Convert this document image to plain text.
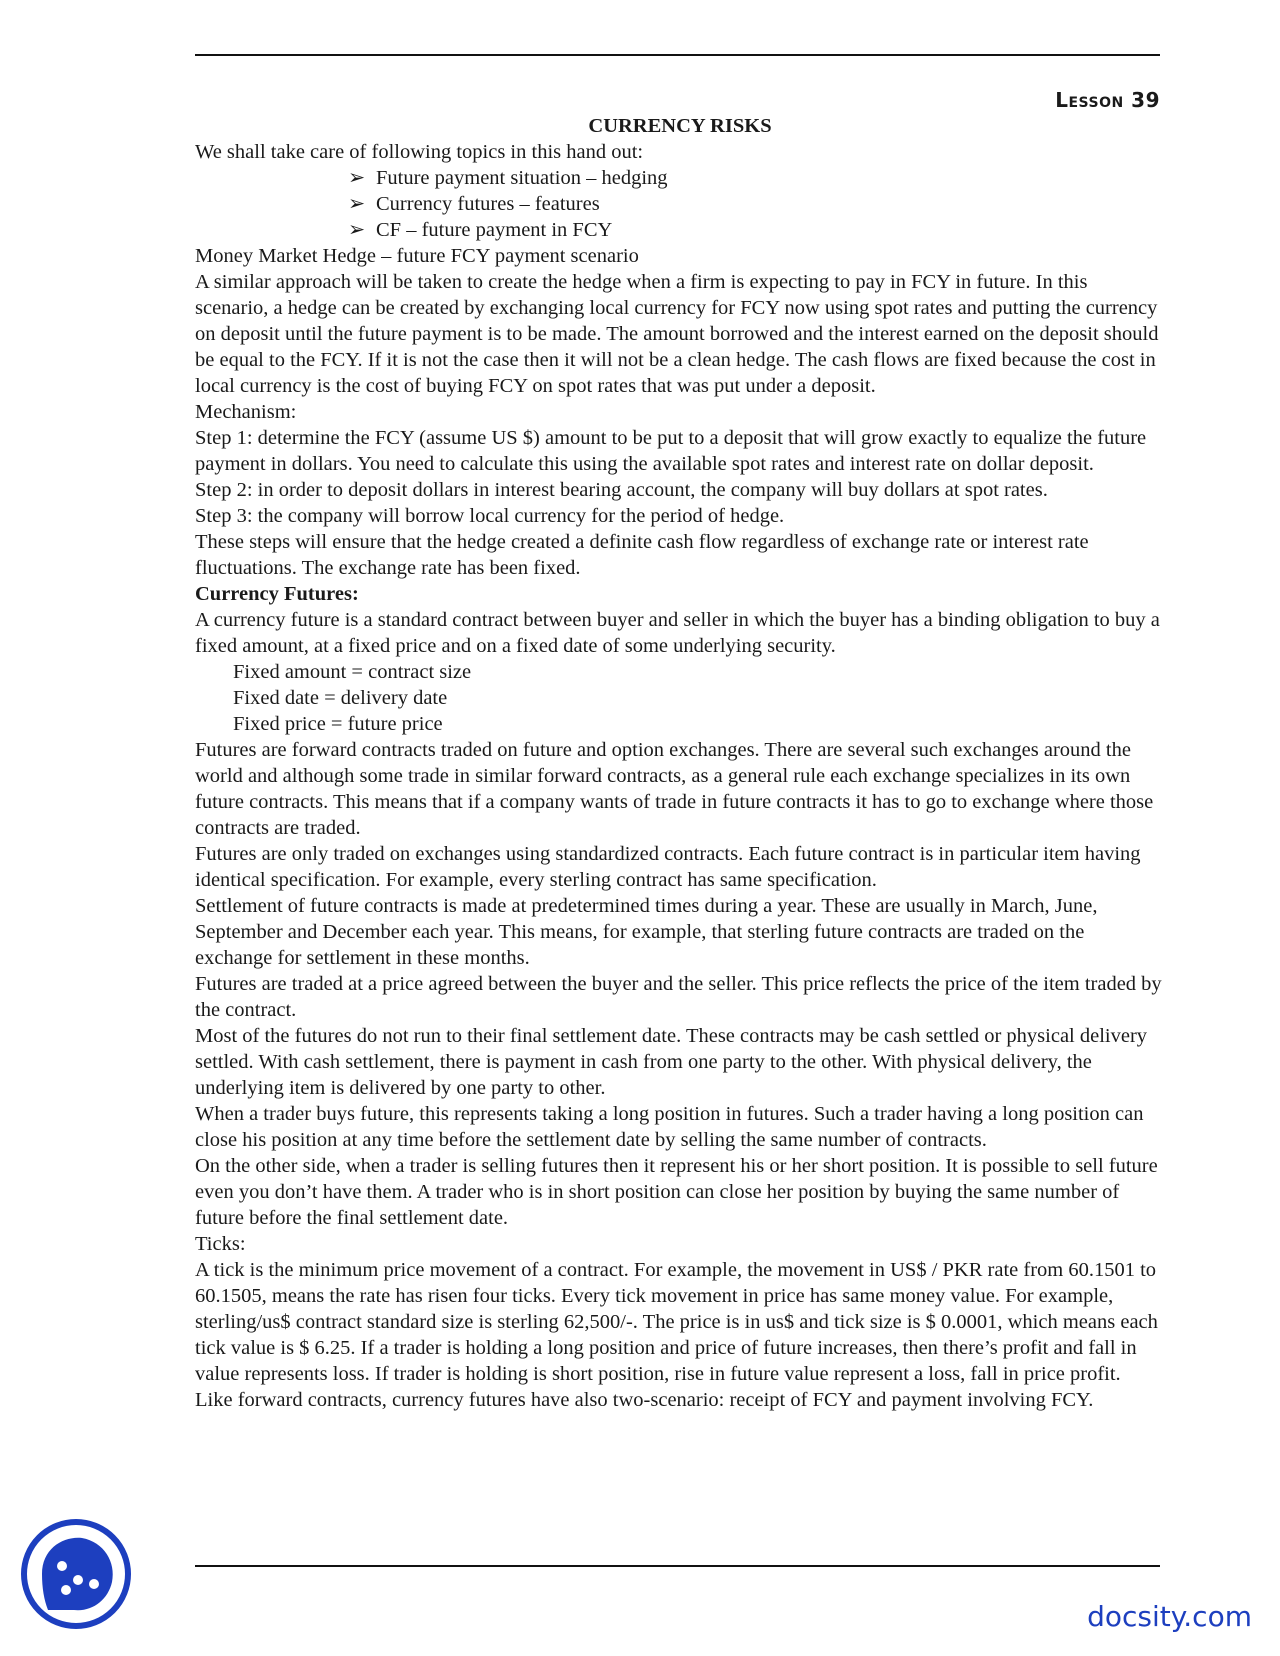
Lesson 39

CURRENCY RISKS

We shall take care of following topics in this hand out:

➢ Future payment situation – hedging
➢ Currency futures – features
➢ CF – future payment in FCY

Money Market Hedge – future FCY payment scenario

A similar approach will be taken to create the hedge when a firm is expecting to pay in FCY in future. In this scenario, a hedge can be created by exchanging local currency for FCY now using spot rates and putting the currency on deposit until the future payment is to be made. The amount borrowed and the interest earned on the deposit should be equal to the FCY. If it is not the case then it will not be a clean hedge. The cash flows are fixed because the cost in local currency is the cost of buying FCY on spot rates that was put under a deposit.

Mechanism:

Step 1: determine the FCY (assume US $) amount to be put to a deposit that will grow exactly to equalize the future payment in dollars. You need to calculate this using the available spot rates and interest rate on dollar deposit.

Step 2: in order to deposit dollars in interest bearing account, the company will buy dollars at spot rates.

Step 3: the company will borrow local currency for the period of hedge.

These steps will ensure that the hedge created a definite cash flow regardless of exchange rate or interest rate fluctuations. The exchange rate has been fixed.

Currency Futures:

A currency future is a standard contract between buyer and seller in which the buyer has a binding obligation to buy a fixed amount, at a fixed price and on a fixed date of some underlying security.

Fixed amount = contract size

Fixed date = delivery date

Fixed price = future price

Futures are forward contracts traded on future and option exchanges. There are several such exchanges around the world and although some trade in similar forward contracts, as a general rule each exchange specializes in its own future contracts. This means that if a company wants of trade in future contracts it has to go to exchange where those contracts are traded.

Futures are only traded on exchanges using standardized contracts. Each future contract is in particular item having identical specification. For example, every sterling contract has same specification.

Settlement of future contracts is made at predetermined times during a year. These are usually in March, June, September and December each year. This means, for example, that sterling future contracts are traded on the exchange for settlement in these months.

Futures are traded at a price agreed between the buyer and the seller. This price reflects the price of the item traded by the contract.

Most of the futures do not run to their final settlement date. These contracts may be cash settled or physical delivery settled. With cash settlement, there is payment in cash from one party to the other. With physical delivery, the underlying item is delivered by one party to other.

When a trader buys future, this represents taking a long position in futures. Such a trader having a long position can close his position at any time before the settlement date by selling the same number of contracts.

On the other side, when a trader is selling futures then it represent his or her short position. It is possible to sell future even you don’t have them. A trader who is in short position can close her position by buying the same number of future before the final settlement date.

Ticks:

A tick is the minimum price movement of a contract. For example, the movement in US$ / PKR rate from 60.1501 to 60.1505, means the rate has risen four ticks. Every tick movement in price has same money value. For example, sterling/us$ contract standard size is sterling 62,500/-. The price is in us$ and tick size is $ 0.0001, which means each tick value is $ 6.25. If a trader is holding a long position and price of future increases, then there’s profit and fall in value represents loss. If trader is holding is short position, rise in future value represent a loss, fall in price profit.

Like forward contracts, currency futures have also two-scenario: receipt of FCY and payment involving FCY.

docsity.com
